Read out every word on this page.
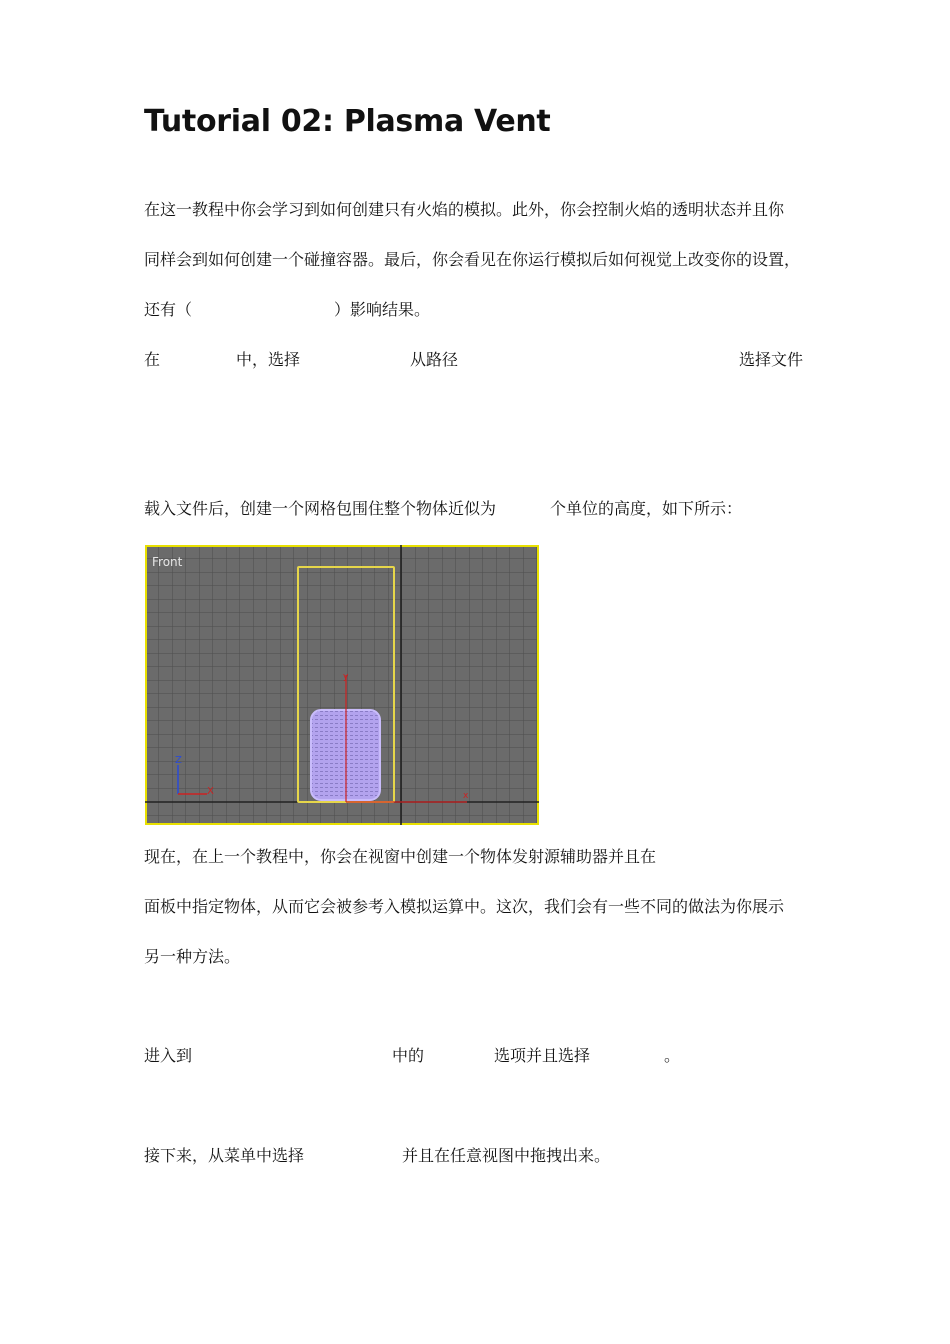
Tutorial 02: Plasma Vent
在这一教程中你会学习到如何创建只有火焰的模拟。此外，你会控制火焰的透明状态并且你
同样会到如何创建一个碰撞容器。最后，你会看见在你运行模拟后如何视觉上改变你的设置，
还有（	）影响结果。
在	中，选择	从路径	选择文件
载入文件后，创建一个网格包围住整个物体近似为	个单位的高度，如下所示：
y
x
Z
X
Front
现在，在上一个教程中，你会在视窗中创建一个物体发射源辅助器并且在
面板中指定物体，从而它会被参考入模拟运算中。这次，我们会有一些不同的做法为你展示
另一种方法。
进入到	中的	选项并且选择	。
接下来，从菜单中选择	并且在任意视图中拖拽出来。
